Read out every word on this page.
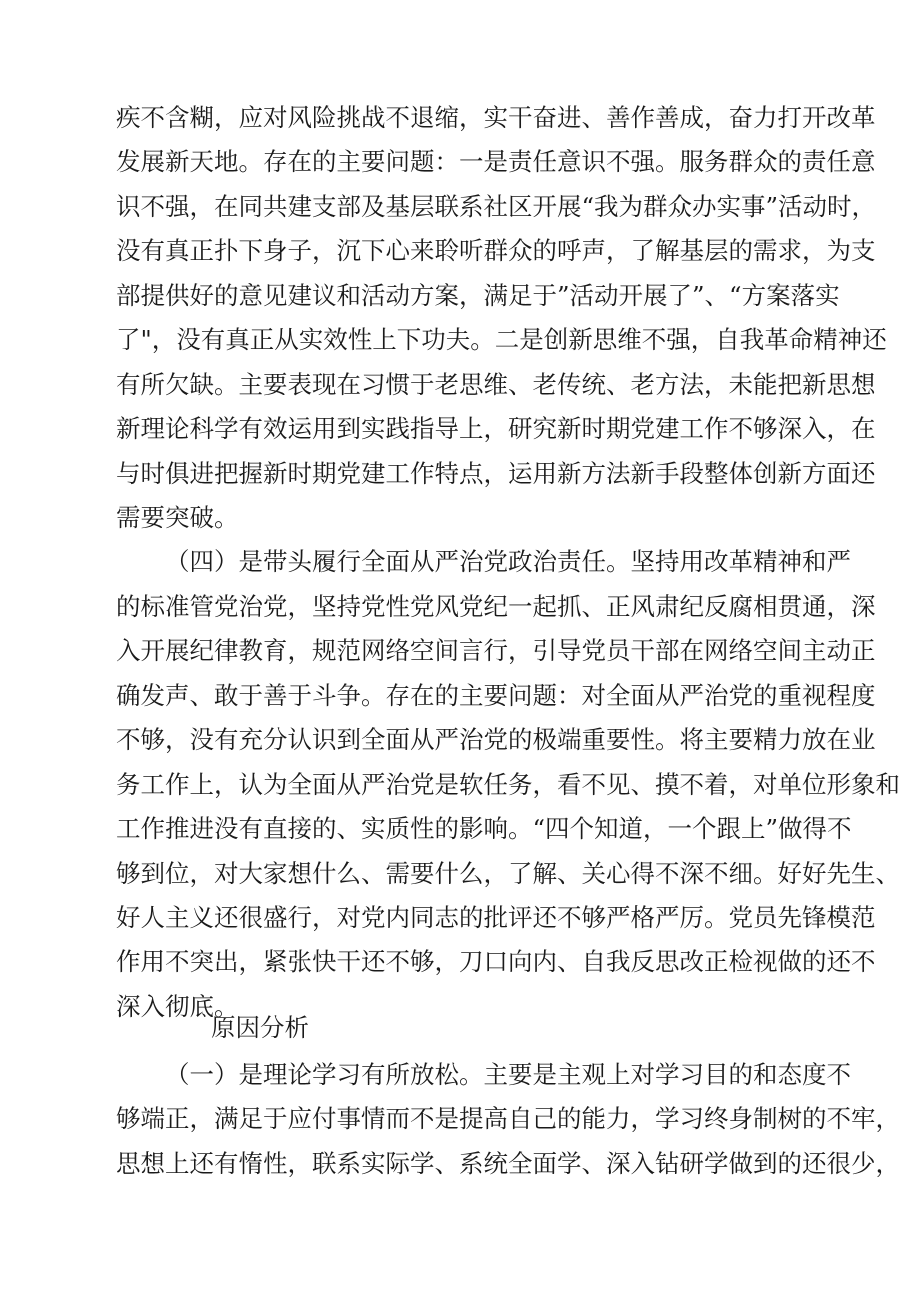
疾不含糊，应对风险挑战不退缩，实干奋进、善作善成，奋力打开改革
发展新天地。存在的主要问题：一是责任意识不强。服务群众的责任意
识不强，在同共建支部及基层联系社区开展“我为群众办实事”活动时，
没有真正扑下身子，沉下心来聆听群众的呼声，了解基层的需求，为支
部提供好的意见建议和活动方案，满足于”活动开展了”、“方案落实
了"，没有真正从实效性上下功夫。二是创新思维不强，自我革命精神还
有所欠缺。主要表现在习惯于老思维、老传统、老方法，未能把新思想
新理论科学有效运用到实践指导上，研究新时期党建工作不够深入，在
与时俱进把握新时期党建工作特点，运用新方法新手段整体创新方面还
需要突破。
（四）是带头履行全面从严治党政治责任。坚持用改革精神和严
的标准管党治党，坚持党性党风党纪一起抓、正风肃纪反腐相贯通，深
入开展纪律教育，规范网络空间言行，引导党员干部在网络空间主动正
确发声、敢于善于斗争。存在的主要问题：对全面从严治党的重视程度
不够，没有充分认识到全面从严治党的极端重要性。将主要精力放在业
务工作上，认为全面从严治党是软任务，看不见、摸不着，对单位形象和
工作推进没有直接的、实质性的影响。“四个知道，一个跟上”做得不
够到位，对大家想什么、需要什么，了解、关心得不深不细。好好先生、
好人主义还很盛行，对党内同志的批评还不够严格严厉。党员先锋模范
作用不突出，紧张快干还不够，刀口向内、自我反思改正检视做的还不
深入彻底。
原因分析
（一）是理论学习有所放松。主要是主观上对学习目的和态度不
够端正，满足于应付事情而不是提高自己的能力，学习终身制树的不牢，
思想上还有惰性，联系实际学、系统全面学、深入钻研学做到的还很少，
